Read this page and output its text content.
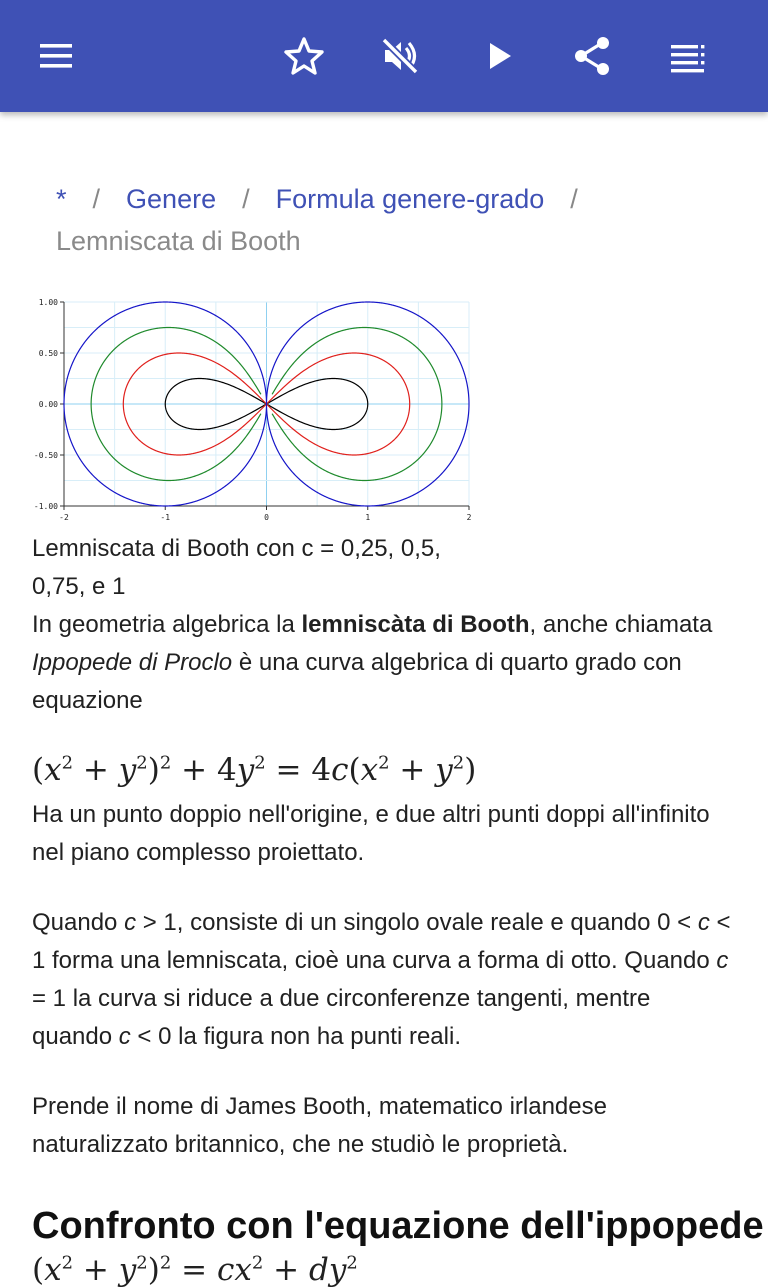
* / Genere / Formula genere-grado /
Lemniscata di Booth
-2	-1	0	1	2
1.00
0.50
0.00
-0.50
-1.00
Lemniscata di Booth con c = 0,25, 0,5,
0,75, e 1
In geometria algebrica la lemniscàta di Booth, anche chiamata Ippopede di Proclo è una curva algebrica di quarto grado con equazione
$(x^2 + y^2)^2 + 4y^2 = 4c(x^2 + y^2)$
Ha un punto doppio nell'origine, e due altri punti doppi all'infinito nel piano complesso proiettato.
Quando c > 1, consiste di un singolo ovale reale e quando 0 < c < 1 forma una lemniscata, cioè una curva a forma di otto. Quando c = 1 la curva si riduce a due circonferenze tangenti, mentre quando c < 0 la figura non ha punti reali.
Prende il nome di James Booth, matematico irlandese naturalizzato britannico, che ne studiò le proprietà.
Confronto con l'equazione dell'ippopede
$(x^2 + y^2)^2 = cx^2 + dy^2$
